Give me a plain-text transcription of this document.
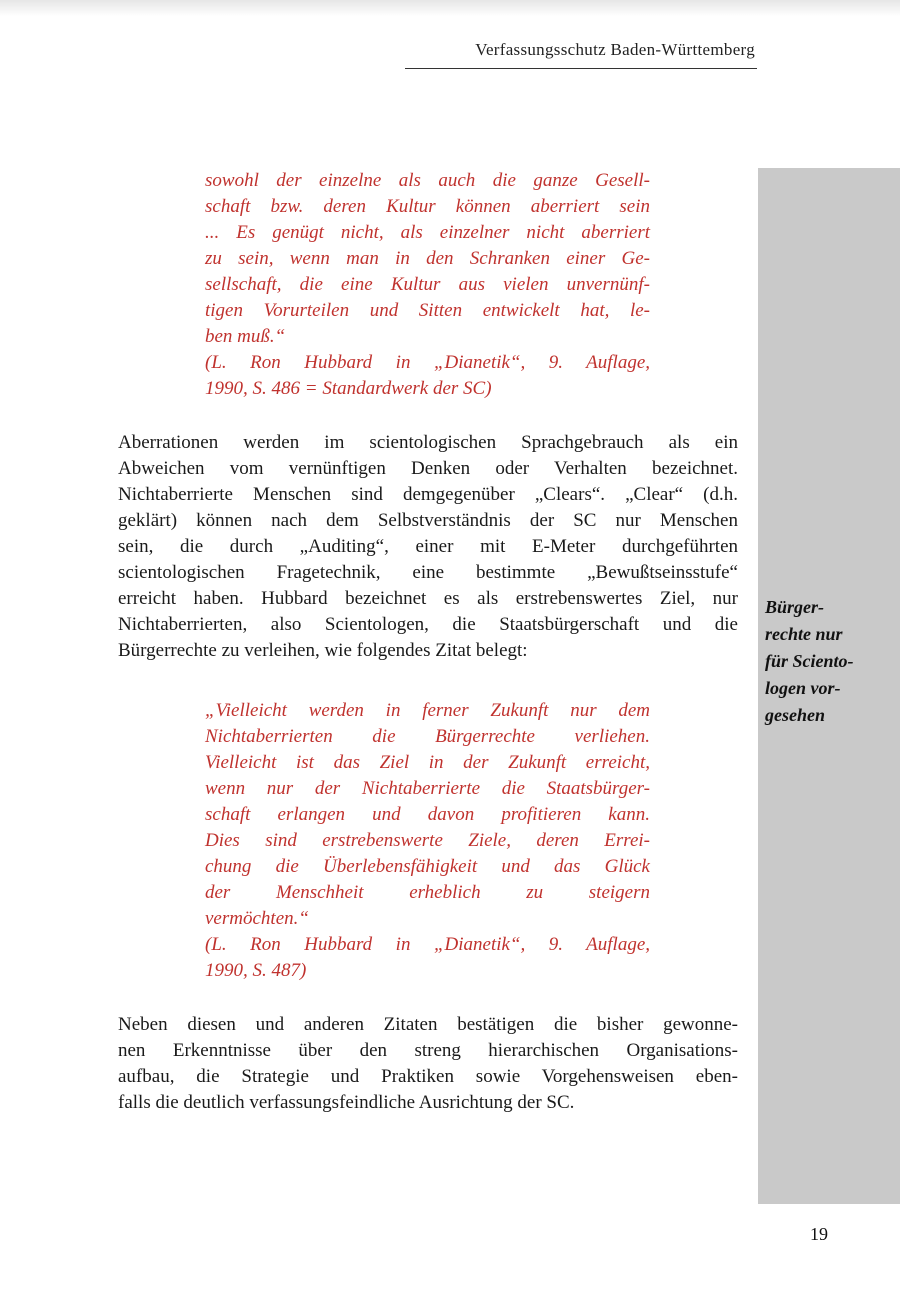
Verfassungsschutz Baden-Württemberg
sowohl der einzelne als auch die ganze Gesell-
schaft bzw. deren Kultur können aberriert sein
... Es genügt nicht, als einzelner nicht aberriert
zu sein, wenn man in den Schranken einer Ge-
sellschaft, die eine Kultur aus vielen unvernünf-
tigen Vorurteilen und Sitten entwickelt hat, le-
ben muß.“
(L. Ron Hubbard in „Dianetik“, 9. Auflage,
1990, S. 486 = Standardwerk der SC)
Aberrationen werden im scientologischen Sprachgebrauch als ein
Abweichen vom vernünftigen Denken oder Verhalten bezeichnet.
Nichtaberrierte Menschen sind demgegenüber „Clears“. „Clear“ (d.h.
geklärt) können nach dem Selbstverständnis der SC nur Menschen
sein, die durch „Auditing“, einer mit E-Meter durchgeführten
scientologischen Fragetechnik, eine bestimmte „Bewußtseinsstufe“
erreicht haben. Hubbard bezeichnet es als erstrebenswertes Ziel, nur
Nichtaberrierten, also Scientologen, die Staatsbürgerschaft und die
Bürgerrechte zu verleihen, wie folgendes Zitat belegt:
Bürger-
rechte nur
für Sciento-
logen vor-
gesehen
„Vielleicht werden in ferner Zukunft nur dem
Nichtaberrierten die Bürgerrechte verliehen.
Vielleicht ist das Ziel in der Zukunft erreicht,
wenn nur der Nichtaberrierte die Staatsbürger-
schaft erlangen und davon profitieren kann.
Dies sind erstrebenswerte Ziele, deren Errei-
chung die Überlebensfähigkeit und das Glück
der Menschheit erheblich zu steigern
vermöchten.“
(L. Ron Hubbard in „Dianetik“, 9. Auflage,
1990, S. 487)
Neben diesen und anderen Zitaten bestätigen die bisher gewonne-
nen Erkenntnisse über den streng hierarchischen Organisations-
aufbau, die Strategie und Praktiken sowie Vorgehensweisen eben-
falls die deutlich verfassungsfeindliche Ausrichtung der SC.
19
